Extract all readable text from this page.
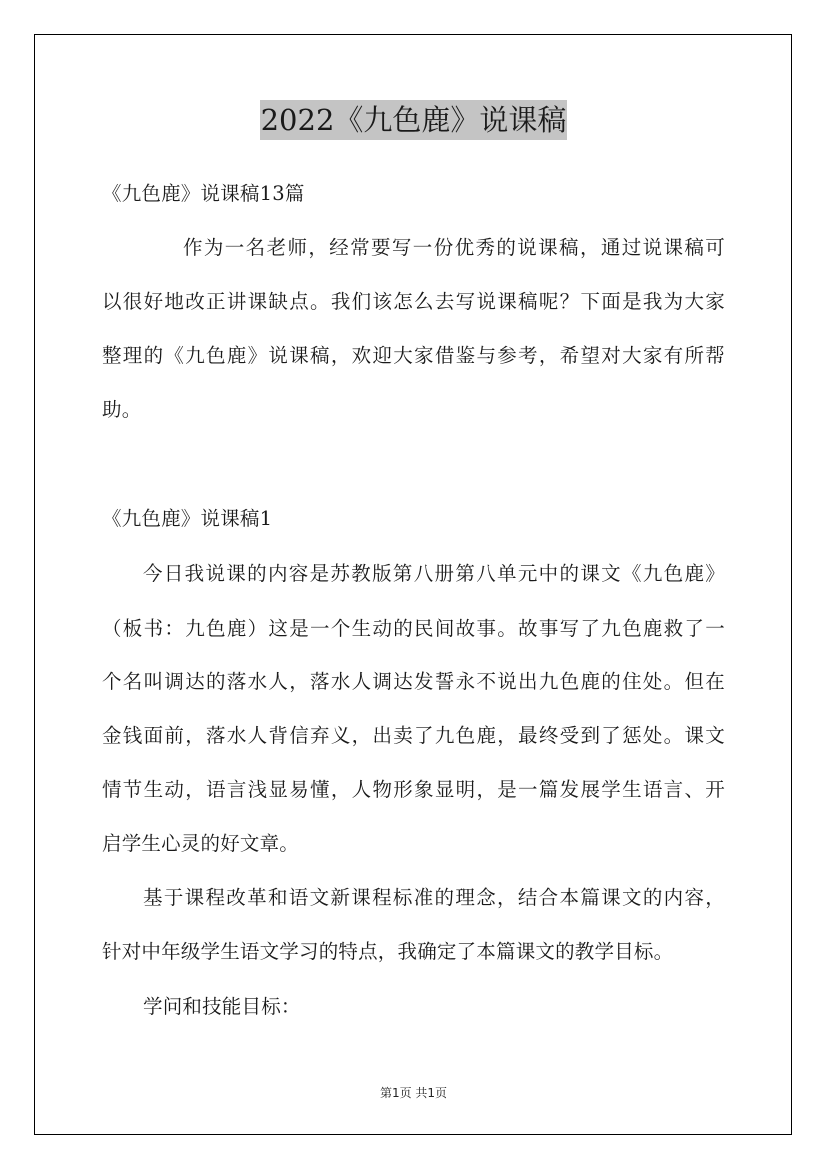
2022《九色鹿》说课稿
《九色鹿》说课稿13篇
作为一名老师，经常要写一份优秀的说课稿，通过说课稿可
以很好地改正讲课缺点。我们该怎么去写说课稿呢？下面是我为大家
整理的《九色鹿》说课稿，欢迎大家借鉴与参考，希望对大家有所帮
助。
《九色鹿》说课稿1
今日我说课的内容是苏教版第八册第八单元中的课文《九色鹿》
（板书：九色鹿）这是一个生动的民间故事。故事写了九色鹿救了一
个名叫调达的落水人，落水人调达发誓永不说出九色鹿的住处。但在
金钱面前，落水人背信弃义，出卖了九色鹿，最终受到了惩处。课文
情节生动，语言浅显易懂，人物形象显明，是一篇发展学生语言、开
启学生心灵的好文章。
基于课程改革和语文新课程标准的理念，结合本篇课文的内容，
针对中年级学生语文学习的特点，我确定了本篇课文的教学目标。
学问和技能目标：
第1页 共1页
